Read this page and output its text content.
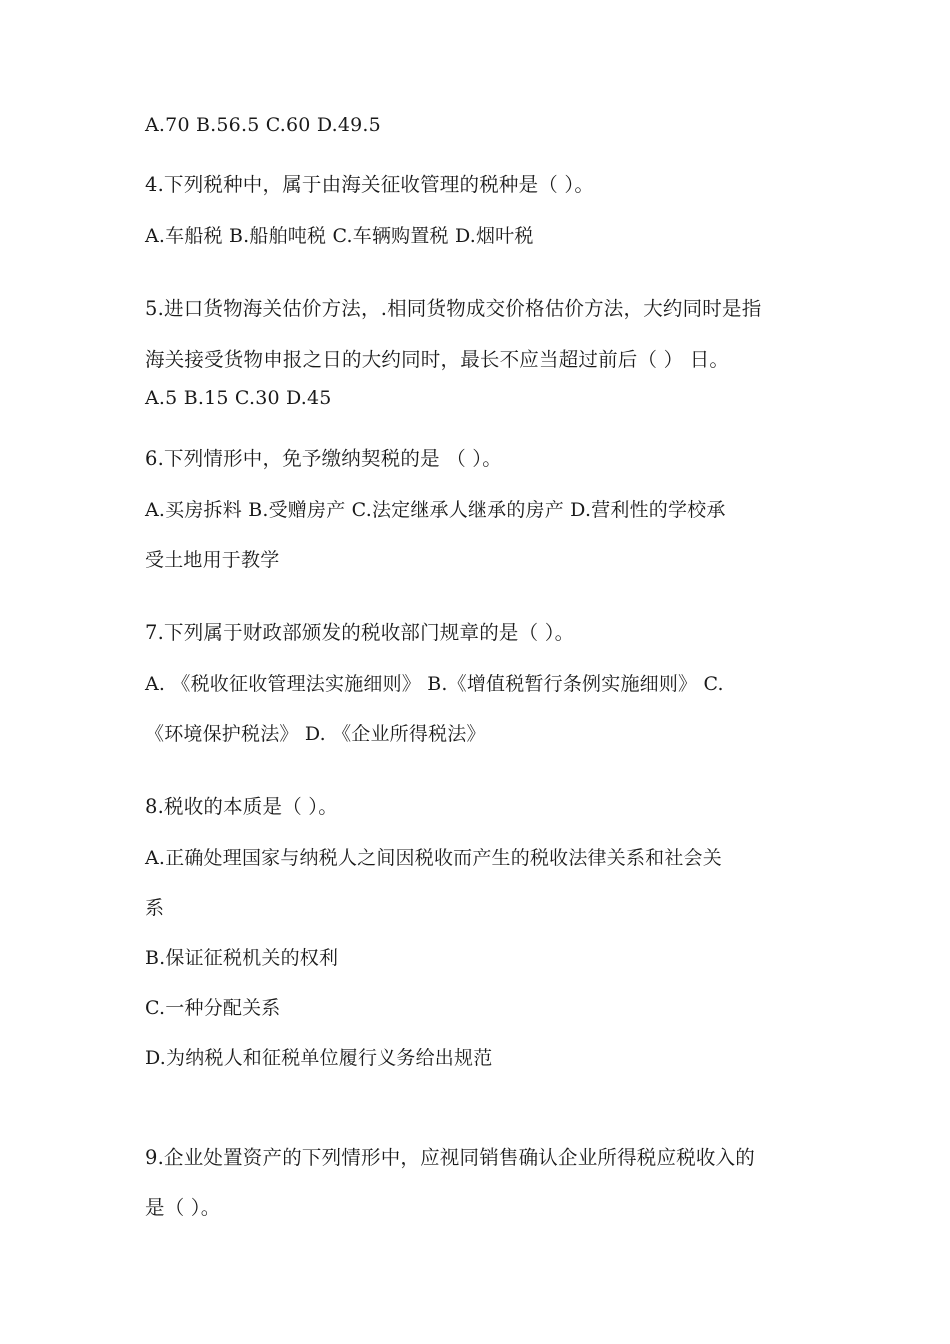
A.70 B.56.5 C.60 D.49.5
4.下列税种中，属于由海关征收管理的税种是（ ）。
A.车船税 B.船舶吨税 C.车辆购置税 D.烟叶税
5.进口货物海关估价方法，.相同货物成交价格估价方法，大约同时是指
海关接受货物申报之日的大约同时，最长不应当超过前后（ ） 日。
A.5 B.15 C.30 D.45
6.下列情形中，免予缴纳契税的是 （ ）。
A.买房拆料 B.受赠房产 C.法定继承人继承的房产 D.营利性的学校承
受土地用于教学
7.下列属于财政部颁发的税收部门规章的是（ ）。
A. 《税收征收管理法实施细则》 B.《增值税暂行条例实施细则》 C.
《环境保护税法》 D. 《企业所得税法》
8.税收的本质是（ ）。
A.正确处理国家与纳税人之间因税收而产生的税收法律关系和社会关
系
B.保证征税机关的权利
C.一种分配关系
D.为纳税人和征税单位履行义务给出规范
9.企业处置资产的下列情形中，应视同销售确认企业所得税应税收入的
是（ ）。
